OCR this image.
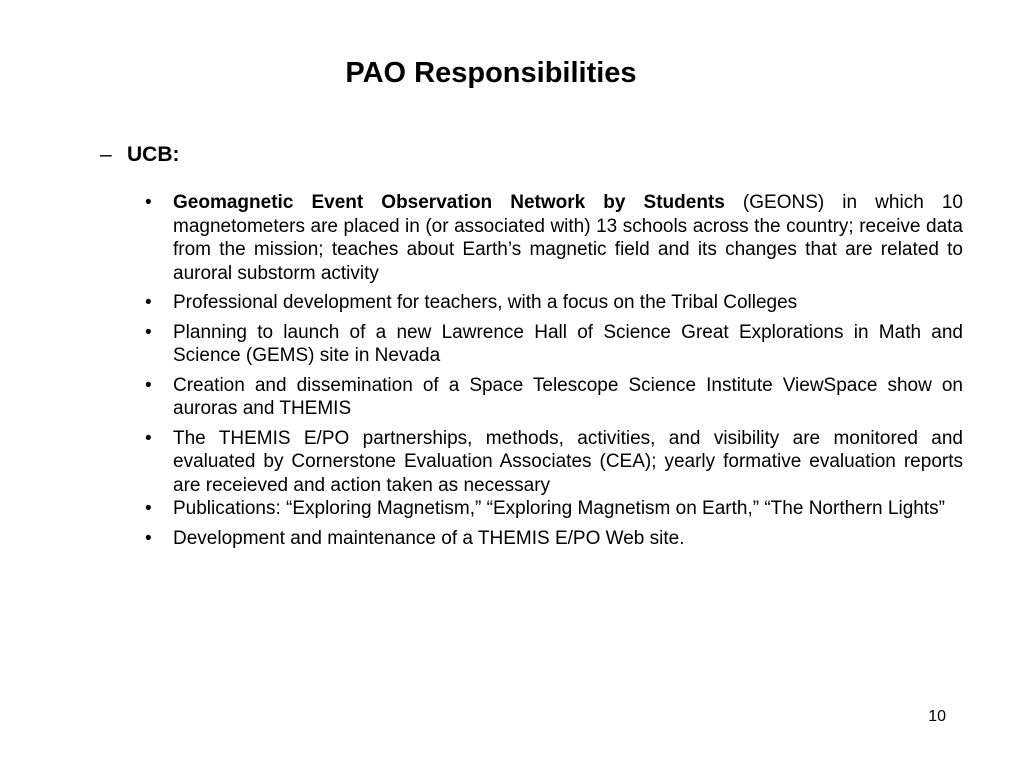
PAO Responsibilities
– UCB:
• Geomagnetic Event Observation Network by Students (GEONS) in which 10 magnetometers are placed in (or associated with) 13 schools across the country; receive data from the mission; teaches about Earth’s magnetic field and its changes that are related to auroral substorm activity
• Professional development for teachers, with a focus on the Tribal Colleges
• Planning to launch of a new Lawrence Hall of Science Great Explorations in Math and Science (GEMS) site in Nevada
• Creation and dissemination of a Space Telescope Science Institute ViewSpace show on auroras and THEMIS
• The THEMIS E/PO partnerships, methods, activities, and visibility are monitored and evaluated by Cornerstone Evaluation Associates (CEA); yearly formative evaluation reports are receieved and action taken as necessary
• Publications: “Exploring Magnetism,” “Exploring Magnetism on Earth,” “The Northern Lights”
• Development and maintenance of a THEMIS E/PO Web site.
10
